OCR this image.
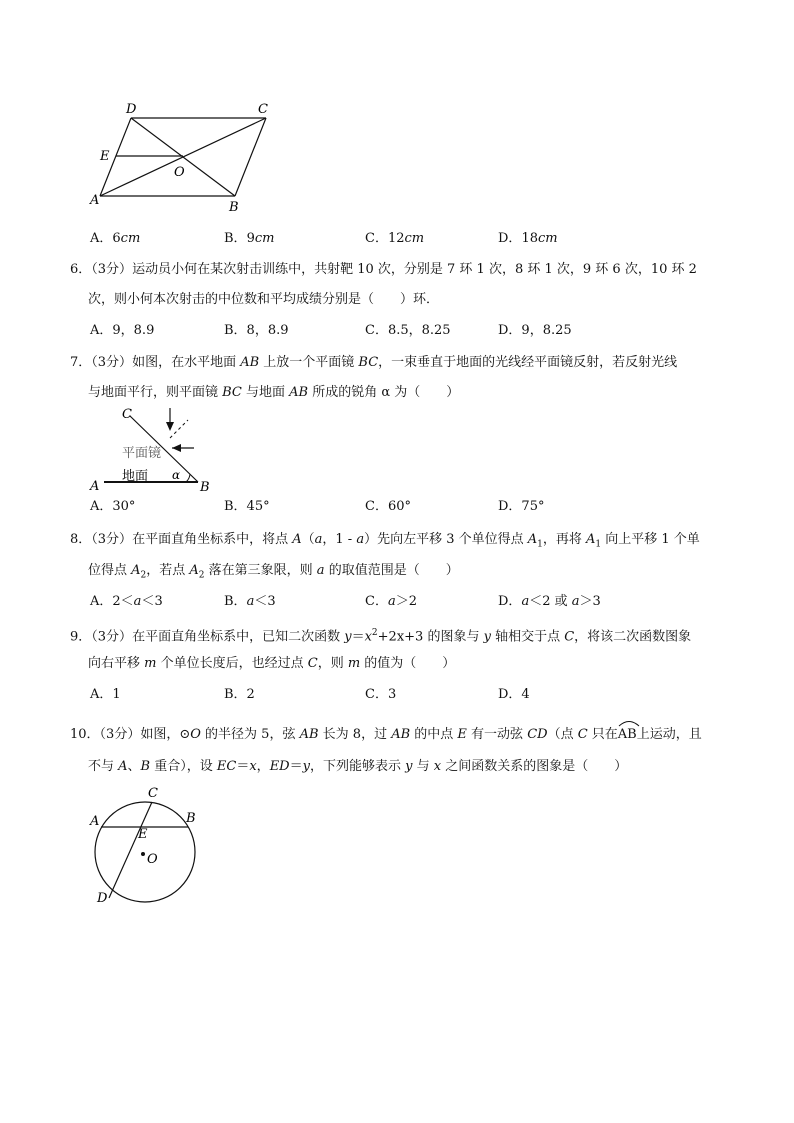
D	C
E
O
A	B
A．6cm	B．9cm	C．12cm	D．18cm
6．（3分）运动员小何在某次射击训练中，共射靶 10 次，分别是 7 环 1 次，8 环 1 次，9 环 6 次，10 环 2
次，则小何本次射击的中位数和平均成绩分别是（　　）环．
A．9，8.9	B．8，8.9	C．8.5，8.25	D．9，8.25
7．（3分）如图，在水平地面 AB 上放一个平面镜 BC，一束垂直于地面的光线经平面镜反射，若反射光线
与地面平行，则平面镜 BC 与地面 AB 所成的锐角 α 为（　　）
C
平面镜
地面 α
A	B
A．30°	B．45°	C．60°	D．75°
8．（3分）在平面直角坐标系中，将点 A（a，1 - a）先向左平移 3 个单位得点 $A_1$，再将 $A_1$ 向上平移 1 个单
位得点 $A_2$，若点 $A_2$ 落在第三象限，则 a 的取值范围是（　　）
A．2＜a＜3	B．a＜3	C．a＞2	D．a＜2 或 a＞3
9．（3分）在平面直角坐标系中，已知二次函数 $y=x^2+2x+3$ 的图象与 y 轴相交于点 C，将该二次函数图象
向右平移 m 个单位长度后，也经过点 C，则 m 的值为（　　）
A．1	B．2	C．3	D．4
10．（3分）如图，⊙O 的半径为 5，弦 AB 长为 8，过 AB 的中点 E 有一动弦 CD（点 C 只在
AB上运动，且
不与 A、B 重合），设 EC＝x，ED＝y，下列能够表示 y 与 x 之间函数关系的图象是（　　）
C
A	B
E
O
D
